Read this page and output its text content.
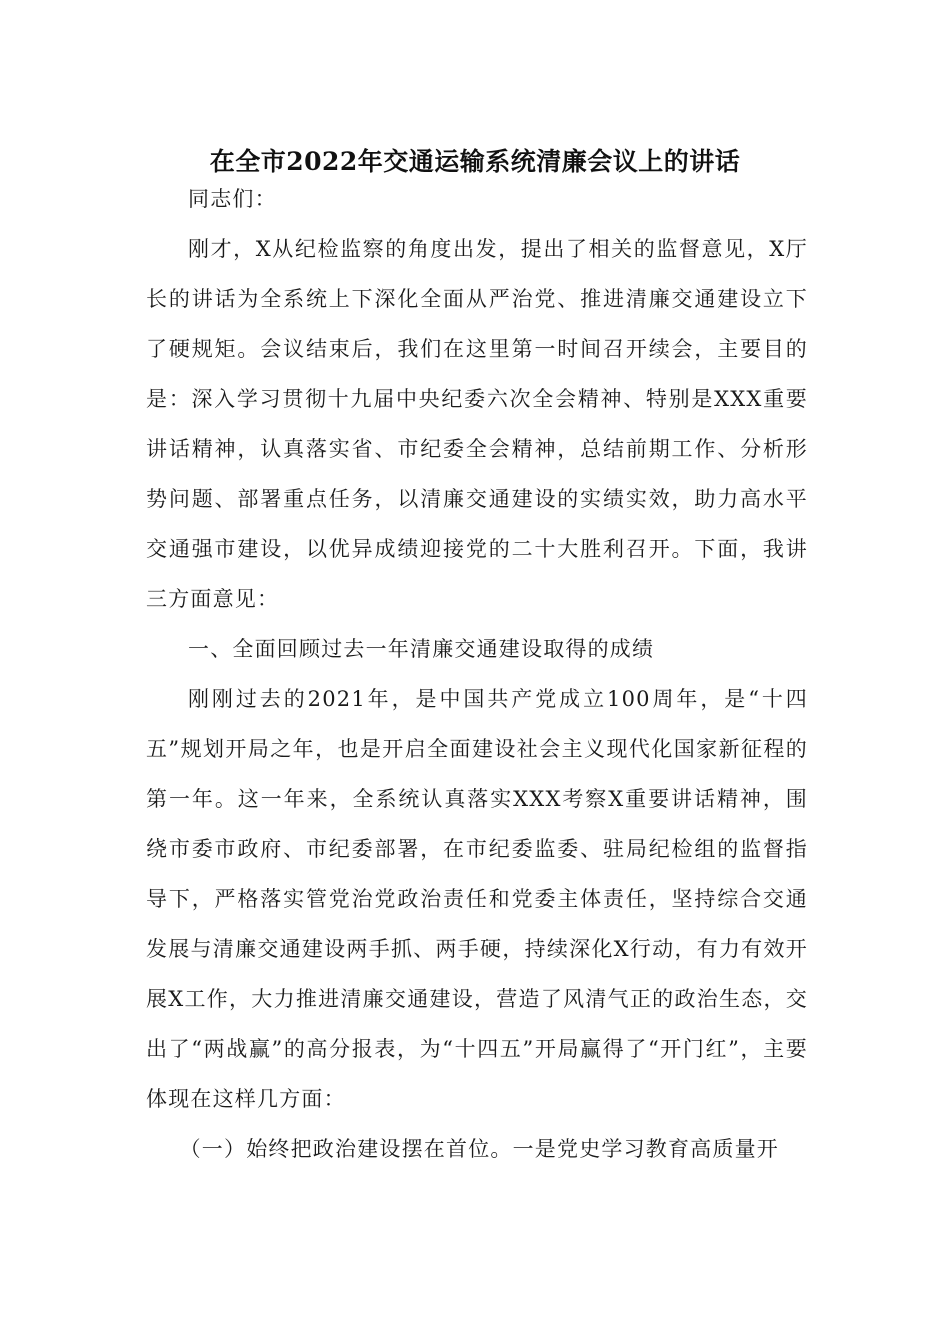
在全市2022年交通运输系统清廉会议上的讲话

同志们：

刚才，X从纪检监察的角度出发，提出了相关的监督意见，X厅长的讲话为全系统上下深化全面从严治党、推进清廉交通建设立下了硬规矩。会议结束后，我们在这里第一时间召开续会，主要目的是：深入学习贯彻十九届中央纪委六次全会精神、特别是XXX重要讲话精神，认真落实省、市纪委全会精神，总结前期工作、分析形势问题、部署重点任务，以清廉交通建设的实绩实效，助力高水平交通强市建设，以优异成绩迎接党的二十大胜利召开。下面，我讲三方面意见：

一、全面回顾过去一年清廉交通建设取得的成绩

刚刚过去的2021年，是中国共产党成立100周年，是“十四五”规划开局之年，也是开启全面建设社会主义现代化国家新征程的第一年。这一年来，全系统认真落实XXX考察X重要讲话精神，围绕市委市政府、市纪委部署，在市纪委监委、驻局纪检组的监督指导下，严格落实管党治党政治责任和党委主体责任，坚持综合交通发展与清廉交通建设两手抓、两手硬，持续深化X行动，有力有效开展X工作，大力推进清廉交通建设，营造了风清气正的政治生态，交出了“两战赢”的高分报表，为“十四五”开局赢得了“开门红”，主要体现在这样几方面：

（一）始终把政治建设摆在首位。一是党史学习教育高质量开
